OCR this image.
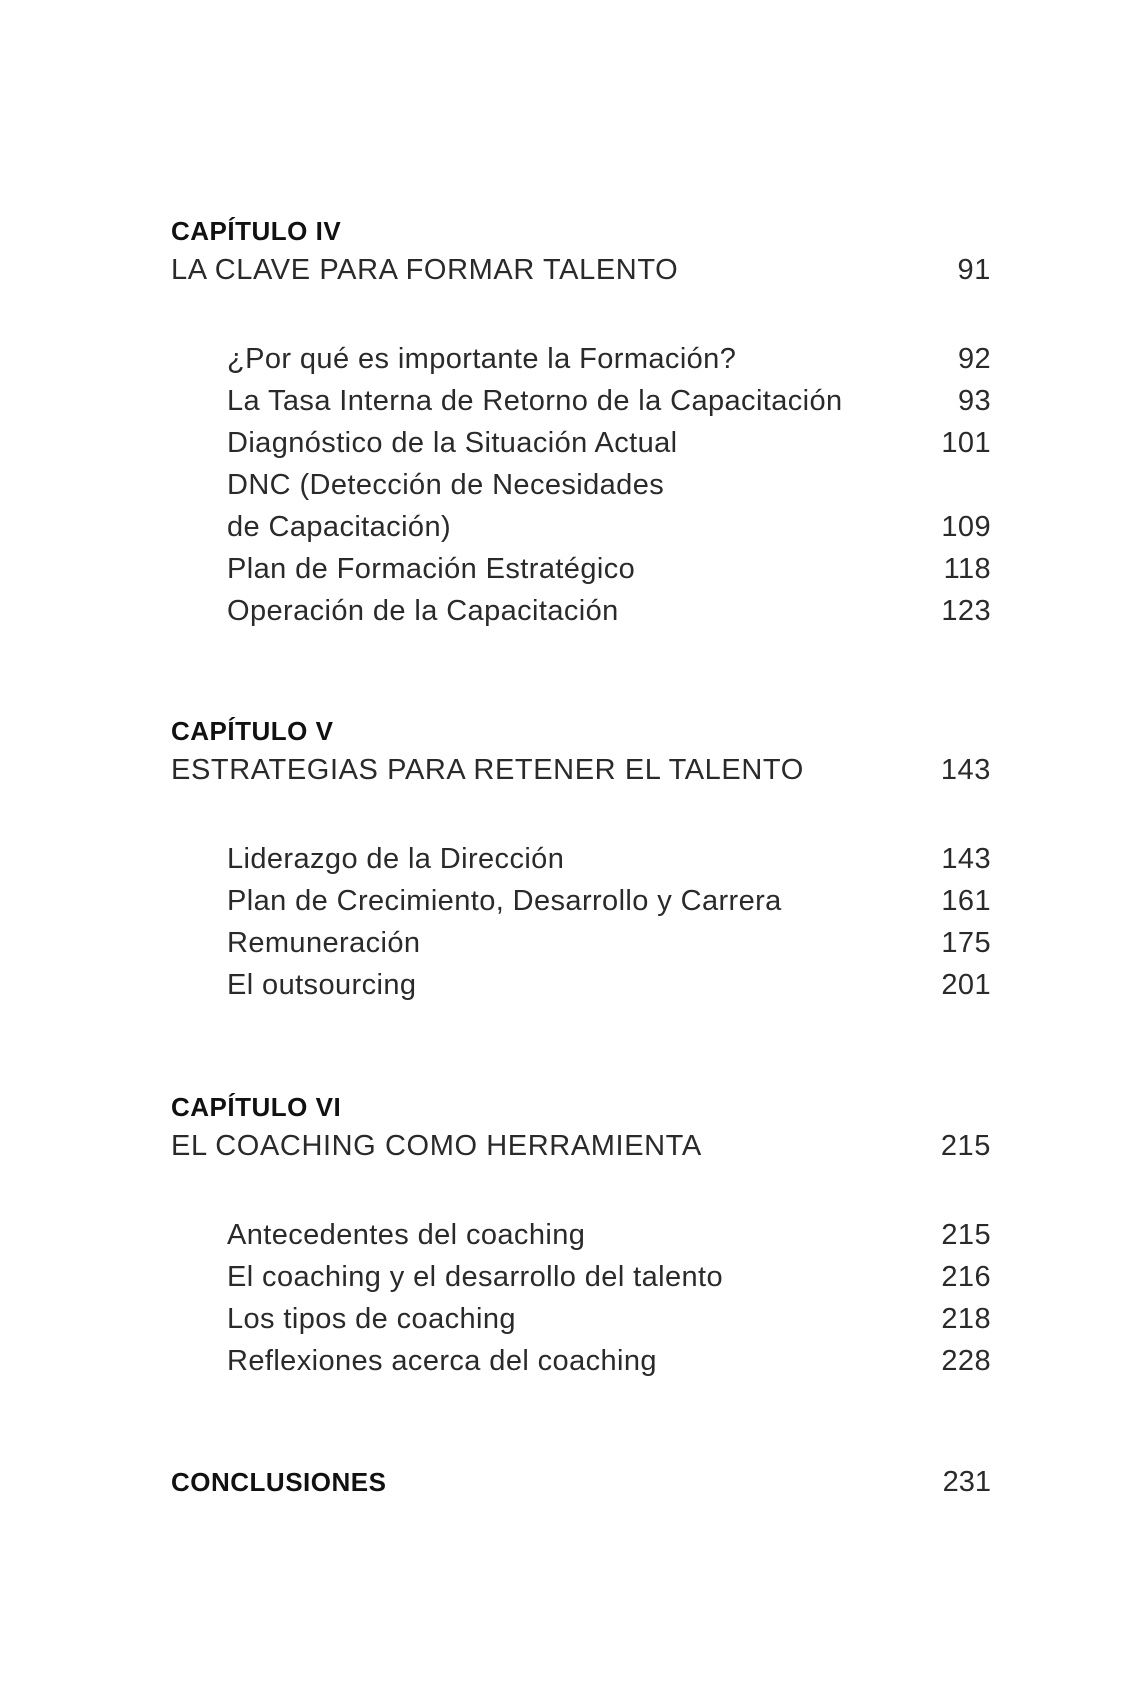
CAPÍTULO IV
LA CLAVE PARA FORMAR TALENTO	91
¿Por qué es importante la Formación?	92
La Tasa Interna de Retorno de la Capacitación	93
Diagnóstico de la Situación Actual	101
DNC (Detección de Necesidades
de Capacitación)	109
Plan de Formación Estratégico	118
Operación de la Capacitación	123
CAPÍTULO V
ESTRATEGIAS PARA RETENER EL TALENTO	143
Liderazgo de la Dirección	143
Plan de Crecimiento, Desarrollo y Carrera	161
Remuneración	175
El outsourcing	201
CAPÍTULO VI
EL COACHING COMO HERRAMIENTA	215
Antecedentes del coaching	215
El coaching y el desarrollo del talento	216
Los tipos de coaching	218
Reflexiones acerca del coaching	228
CONCLUSIONES	231
